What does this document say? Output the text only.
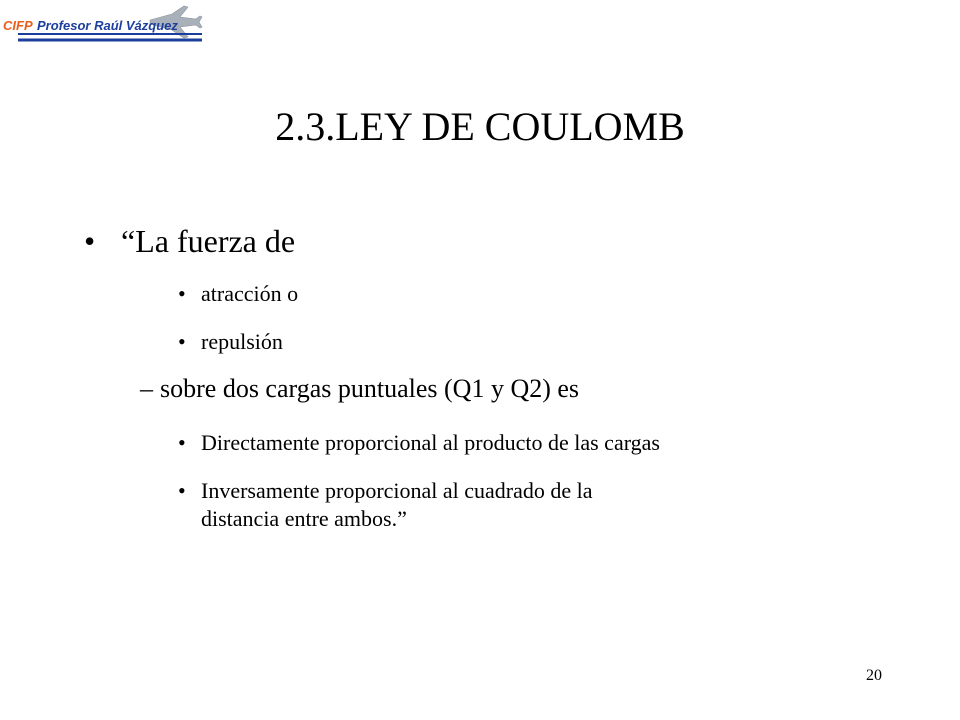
CIFP Profesor Raúl Vázquez
2.3.LEY DE COULOMB
• “La fuerza de
• atracción o
• repulsión
– sobre dos cargas puntuales (Q1 y Q2) es
• Directamente proporcional al producto de las cargas
• Inversamente proporcional al cuadrado de la
distancia entre ambos.”
20
